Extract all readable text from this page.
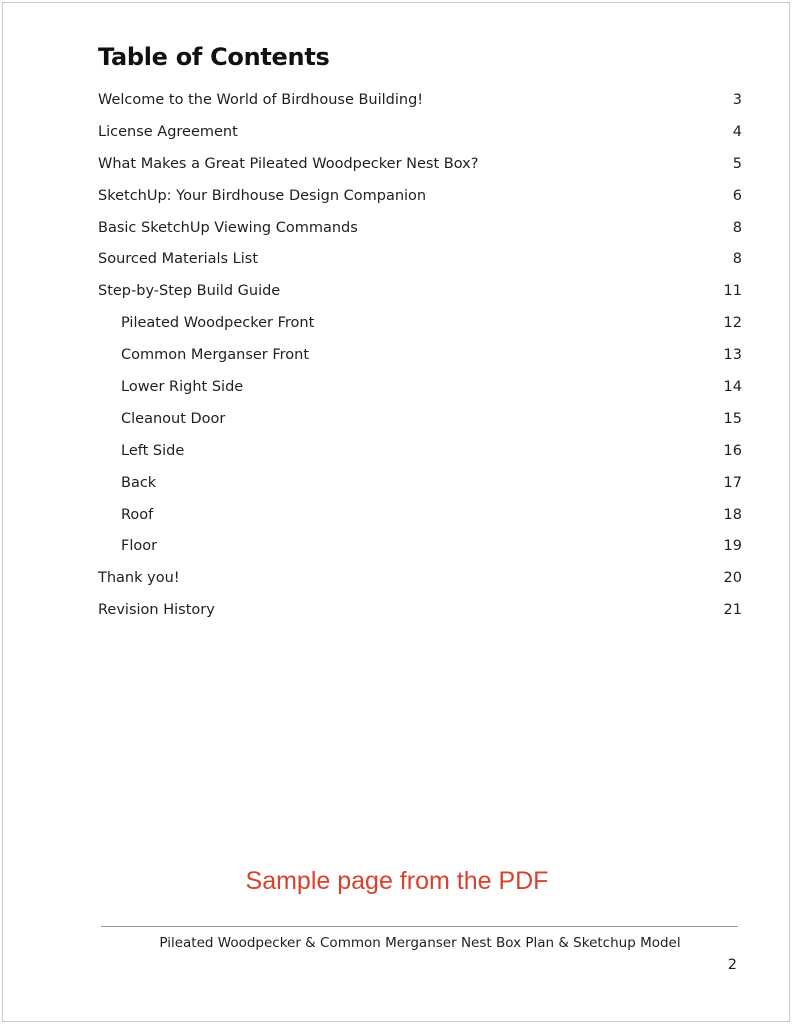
Table of Contents
Welcome to the World of Birdhouse Building!	3
License Agreement	4
What Makes a Great Pileated Woodpecker Nest Box?	5
SketchUp: Your Birdhouse Design Companion	6
Basic SketchUp Viewing Commands	8
Sourced Materials List	8
Step-by-Step Build Guide	11
Pileated Woodpecker Front	12
Common Merganser Front	13
Lower Right Side	14
Cleanout Door	15
Left Side	16
Back	17
Roof	18
Floor	19
Thank you!	20
Revision History	21
Sample page from the PDF
Pileated Woodpecker & Common Merganser Nest Box Plan & Sketchup Model
2
